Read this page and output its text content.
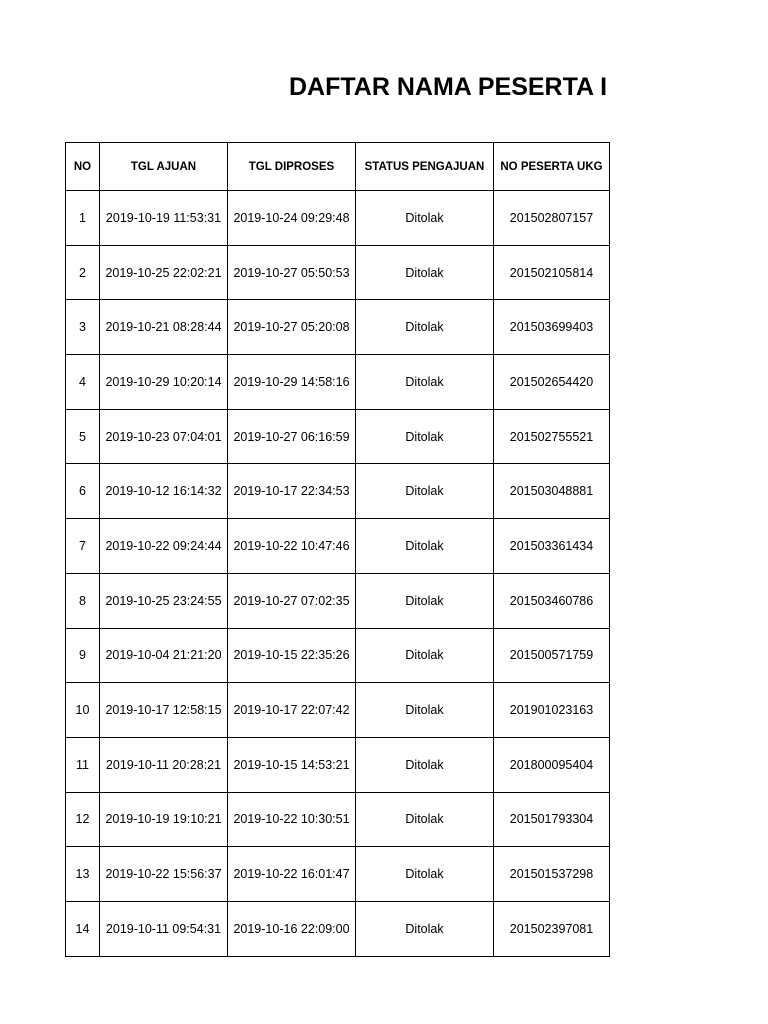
DAFTAR NAMA PESERTA I
NO	TGL AJUAN	TGL DIPROSES	STATUS PENGAJUAN	NO PESERTA UKG
1	2019-10-19 11:53:31	2019-10-24 09:29:48	Ditolak	201502807157
2	2019-10-25 22:02:21	2019-10-27 05:50:53	Ditolak	201502105814
3	2019-10-21 08:28:44	2019-10-27 05:20:08	Ditolak	201503699403
4	2019-10-29 10:20:14	2019-10-29 14:58:16	Ditolak	201502654420
5	2019-10-23 07:04:01	2019-10-27 06:16:59	Ditolak	201502755521
6	2019-10-12 16:14:32	2019-10-17 22:34:53	Ditolak	201503048881
7	2019-10-22 09:24:44	2019-10-22 10:47:46	Ditolak	201503361434
8	2019-10-25 23:24:55	2019-10-27 07:02:35	Ditolak	201503460786
9	2019-10-04 21:21:20	2019-10-15 22:35:26	Ditolak	201500571759
10	2019-10-17 12:58:15	2019-10-17 22:07:42	Ditolak	201901023163
11	2019-10-11 20:28:21	2019-10-15 14:53:21	Ditolak	201800095404
12	2019-10-19 19:10:21	2019-10-22 10:30:51	Ditolak	201501793304
13	2019-10-22 15:56:37	2019-10-22 16:01:47	Ditolak	201501537298
14	2019-10-11 09:54:31	2019-10-16 22:09:00	Ditolak	201502397081
